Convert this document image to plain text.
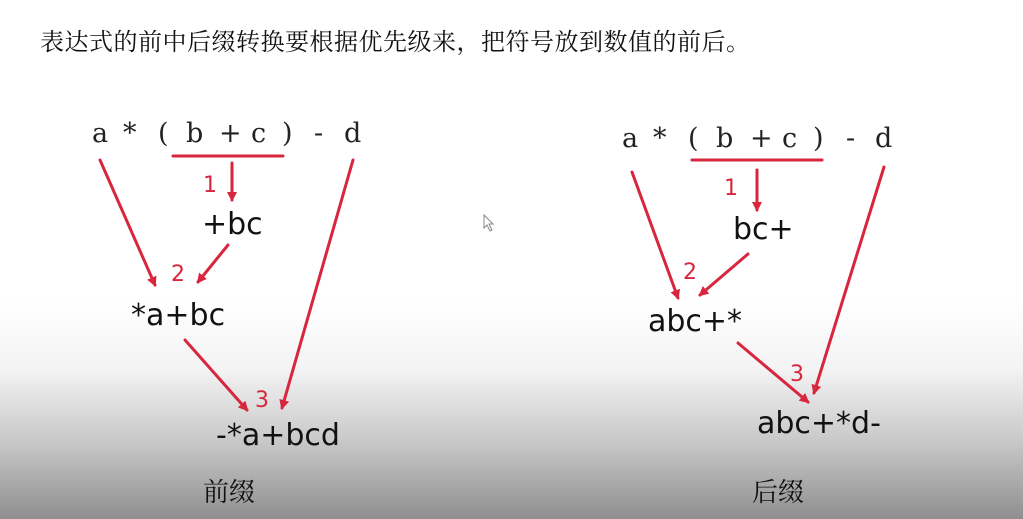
表达式的前中后缀转换要根据优先级来，把符号放到数值的前后。
a * ( b + c ) - d
1
+bc
2
*a+bc
3
-*a+bcd
前缀
a * ( b + c ) - d
1
bc+
2
abc+*
3
abc+*d-
后缀
